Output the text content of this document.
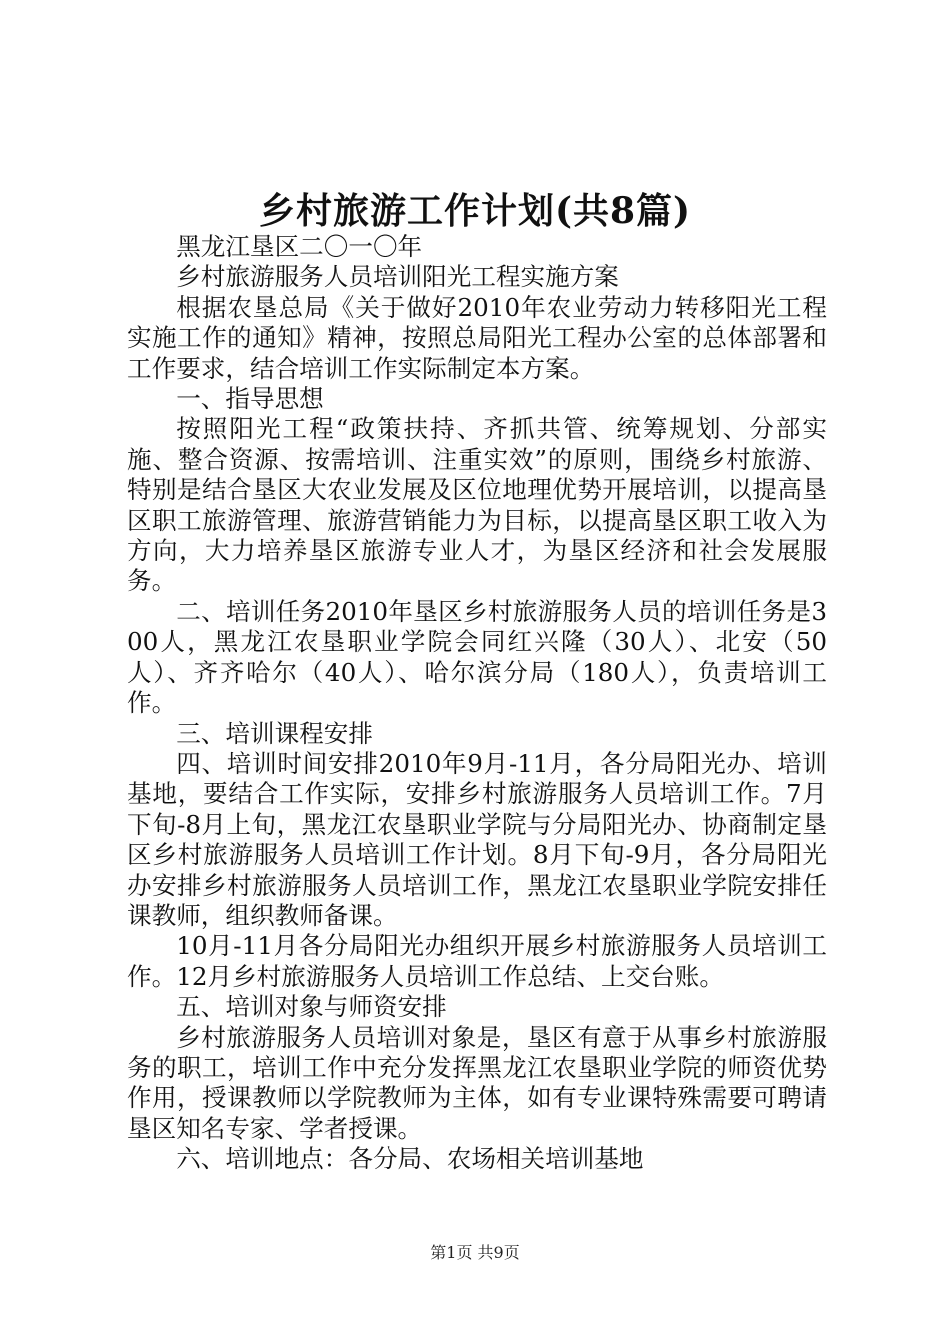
乡村旅游工作计划(共8篇)

黑龙江垦区二〇一〇年

乡村旅游服务人员培训阳光工程实施方案

根据农垦总局《关于做好2010年农业劳动力转移阳光工程实施工作的通知》精神，按照总局阳光工程办公室的总体部署和工作要求，结合培训工作实际制定本方案。

一、指导思想

按照阳光工程“政策扶持、齐抓共管、统筹规划、分部实施、整合资源、按需培训、注重实效”的原则，围绕乡村旅游、特别是结合垦区大农业发展及区位地理优势开展培训，以提高垦区职工旅游管理、旅游营销能力为目标，以提高垦区职工收入为方向，大力培养垦区旅游专业人才，为垦区经济和社会发展服务。

二、培训任务2010年垦区乡村旅游服务人员的培训任务是300人，黑龙江农垦职业学院会同红兴隆（30人）、北安（50人）、齐齐哈尔（40人）、哈尔滨分局（180人），负责培训工作。

三、培训课程安排

四、培训时间安排2010年9月-11月，各分局阳光办、培训基地，要结合工作实际，安排乡村旅游服务人员培训工作。7月下旬-8月上旬，黑龙江农垦职业学院与分局阳光办、协商制定垦区乡村旅游服务人员培训工作计划。8月下旬-9月，各分局阳光办安排乡村旅游服务人员培训工作，黑龙江农垦职业学院安排任课教师，组织教师备课。

10月-11月各分局阳光办组织开展乡村旅游服务人员培训工作。12月乡村旅游服务人员培训工作总结、上交台账。

五、培训对象与师资安排

乡村旅游服务人员培训对象是，垦区有意于从事乡村旅游服务的职工，培训工作中充分发挥黑龙江农垦职业学院的师资优势作用，授课教师以学院教师为主体，如有专业课特殊需要可聘请垦区知名专家、学者授课。

六、培训地点：各分局、农场相关培训基地

第1页 共9页
